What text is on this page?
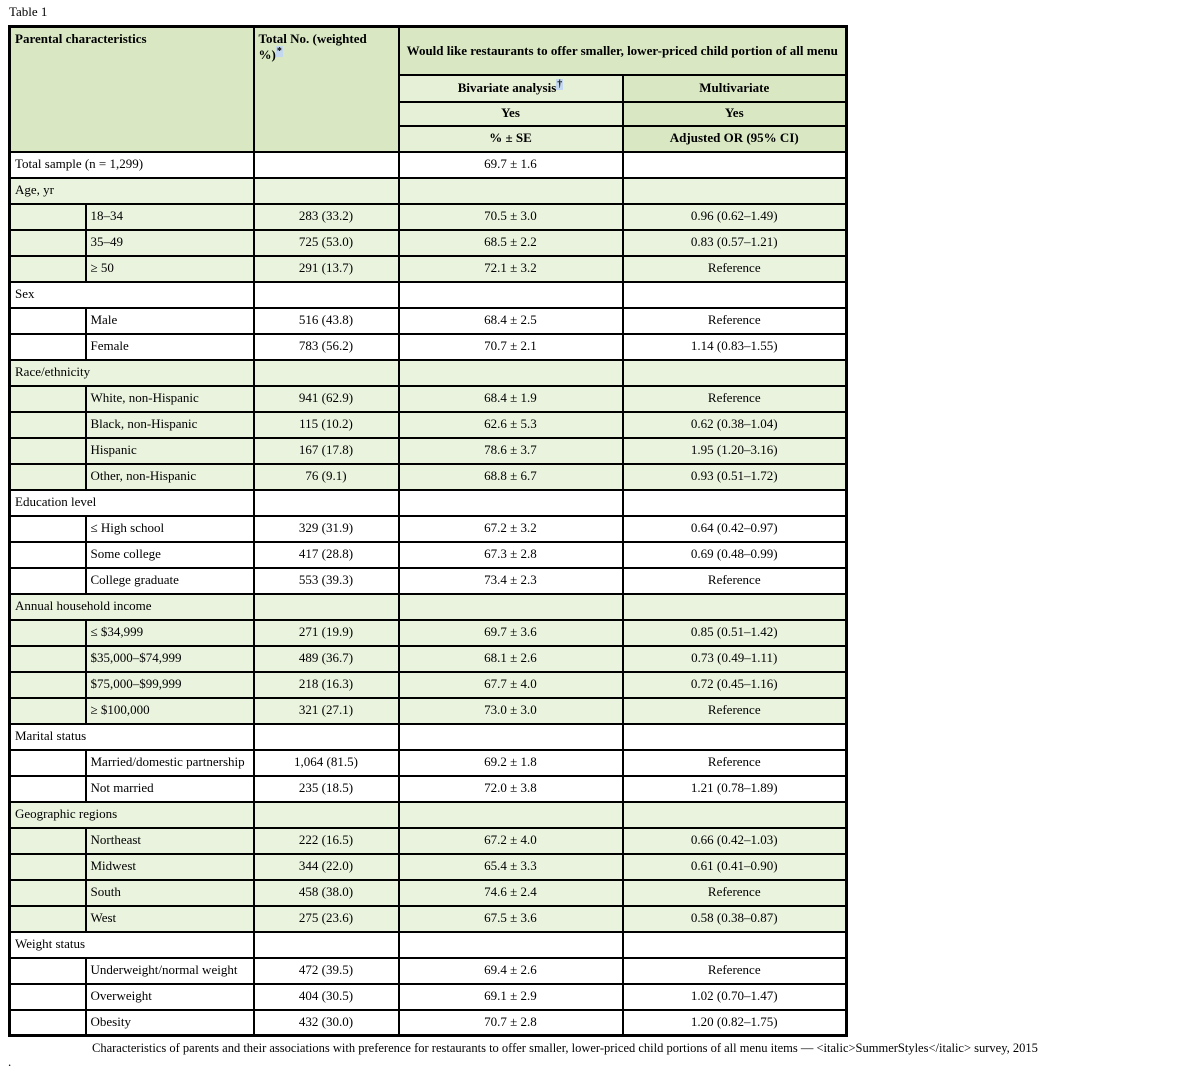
Table 1
Parental characteristics		Total No. (weighted %)*	Would like restaurants to offer smaller, lower-priced child portion of all menu	
			Bivariate analysis†	Multivariate
			Yes	Yes
			% ± SE	Adjusted OR (95% CI)
Total sample (n = 1,299)			69.7 ± 1.6	
Age, yr				
	18–34	283 (33.2)	70.5 ± 3.0	0.96 (0.62–1.49)
	35–49	725 (53.0)	68.5 ± 2.2	0.83 (0.57–1.21)
	≥ 50	291 (13.7)	72.1 ± 3.2	Reference
Sex				
	Male	516 (43.8)	68.4 ± 2.5	Reference
	Female	783 (56.2)	70.7 ± 2.1	1.14 (0.83–1.55)
Race/ethnicity				
	White, non-Hispanic	941 (62.9)	68.4 ± 1.9	Reference
	Black, non-Hispanic	115 (10.2)	62.6 ± 5.3	0.62 (0.38–1.04)
	Hispanic	167 (17.8)	78.6 ± 3.7	1.95 (1.20–3.16)
	Other, non-Hispanic	76 (9.1)	68.8 ± 6.7	0.93 (0.51–1.72)
Education level				
	≤ High school	329 (31.9)	67.2 ± 3.2	0.64 (0.42–0.97)
	Some college	417 (28.8)	67.3 ± 2.8	0.69 (0.48–0.99)
	College graduate	553 (39.3)	73.4 ± 2.3	Reference
Annual household income				
	≤ $34,999	271 (19.9)	69.7 ± 3.6	0.85 (0.51–1.42)
	$35,000–$74,999	489 (36.7)	68.1 ± 2.6	0.73 (0.49–1.11)
	$75,000–$99,999	218 (16.3)	67.7 ± 4.0	0.72 (0.45–1.16)
	≥ $100,000	321 (27.1)	73.0 ± 3.0	Reference
Marital status				
	Married/domestic partnership	1,064 (81.5)	69.2 ± 1.8	Reference
	Not married	235 (18.5)	72.0 ± 3.8	1.21 (0.78–1.89)
Geographic regions				
	Northeast	222 (16.5)	67.2 ± 4.0	0.66 (0.42–1.03)
	Midwest	344 (22.0)	65.4 ± 3.3	0.61 (0.41–0.90)
	South	458 (38.0)	74.6 ± 2.4	Reference
	West	275 (23.6)	67.5 ± 3.6	0.58 (0.38–0.87)
Weight status				
	Underweight/normal weight	472 (39.5)	69.4 ± 2.6	Reference
	Overweight	404 (30.5)	69.1 ± 2.9	1.02 (0.70–1.47)
	Obesity	432 (30.0)	70.7 ± 2.8	1.20 (0.82–1.75)
Characteristics of parents and their associations with preference for restaurants to offer smaller, lower-priced child portions of all menu items — <italic>SummerStyles</italic> survey, 2015
.
